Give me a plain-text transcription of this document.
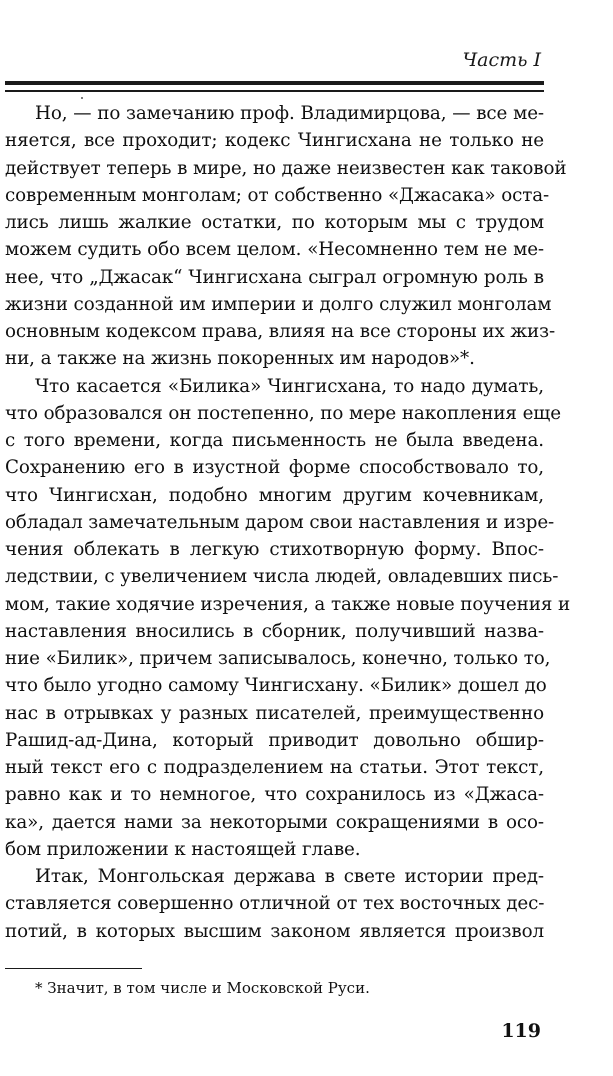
Часть I
Но, — по замечанию проф. Владимирцова, — все ме-
няется, все проходит; кодекс Чингисхана не только не
действует теперь в мире, но даже неизвестен как таковой
современным монголам; от собственно «Джасака» оста-
лись лишь жалкие остатки, по которым мы с трудом
можем судить обо всем целом. «Несомненно тем не ме-
нее, что „Джасак“ Чингисхана сыграл огромную роль в
жизни созданной им империи и долго служил монголам
основным кодексом права, влияя на все стороны их жиз-
ни, а также на жизнь покоренных им народов»*.
Что касается «Билика» Чингисхана, то надо думать,
что образовался он постепенно, по мере накопления еще
с того времени, когда письменность не была введена.
Сохранению его в изустной форме способствовало то,
что Чингисхан, подобно многим другим кочевникам,
обладал замечательным даром свои наставления и изре-
чения облекать в легкую стихотворную форму. Впос-
ледствии, с увеличением числа людей, овладевших пись-
мом, такие ходячие изречения, а также новые поучения и
наставления вносились в сборник, получивший назва-
ние «Билик», причем записывалось, конечно, только то,
что было угодно самому Чингисхану. «Билик» дошел до
нас в отрывках у разных писателей, преимущественно
Рашид-ад-Дина, который приводит довольно обшир-
ный текст его с подразделением на статьи. Этот текст,
равно как и то немногое, что сохранилось из «Джаса-
ка», дается нами за некоторыми сокращениями в осо-
бом приложении к настоящей главе.
Итак, Монгольская держава в свете истории пред-
ставляется совершенно отличной от тех восточных дес-
потий, в которых высшим законом является произвол
* Значит, в том числе и Московской Руси.
119
